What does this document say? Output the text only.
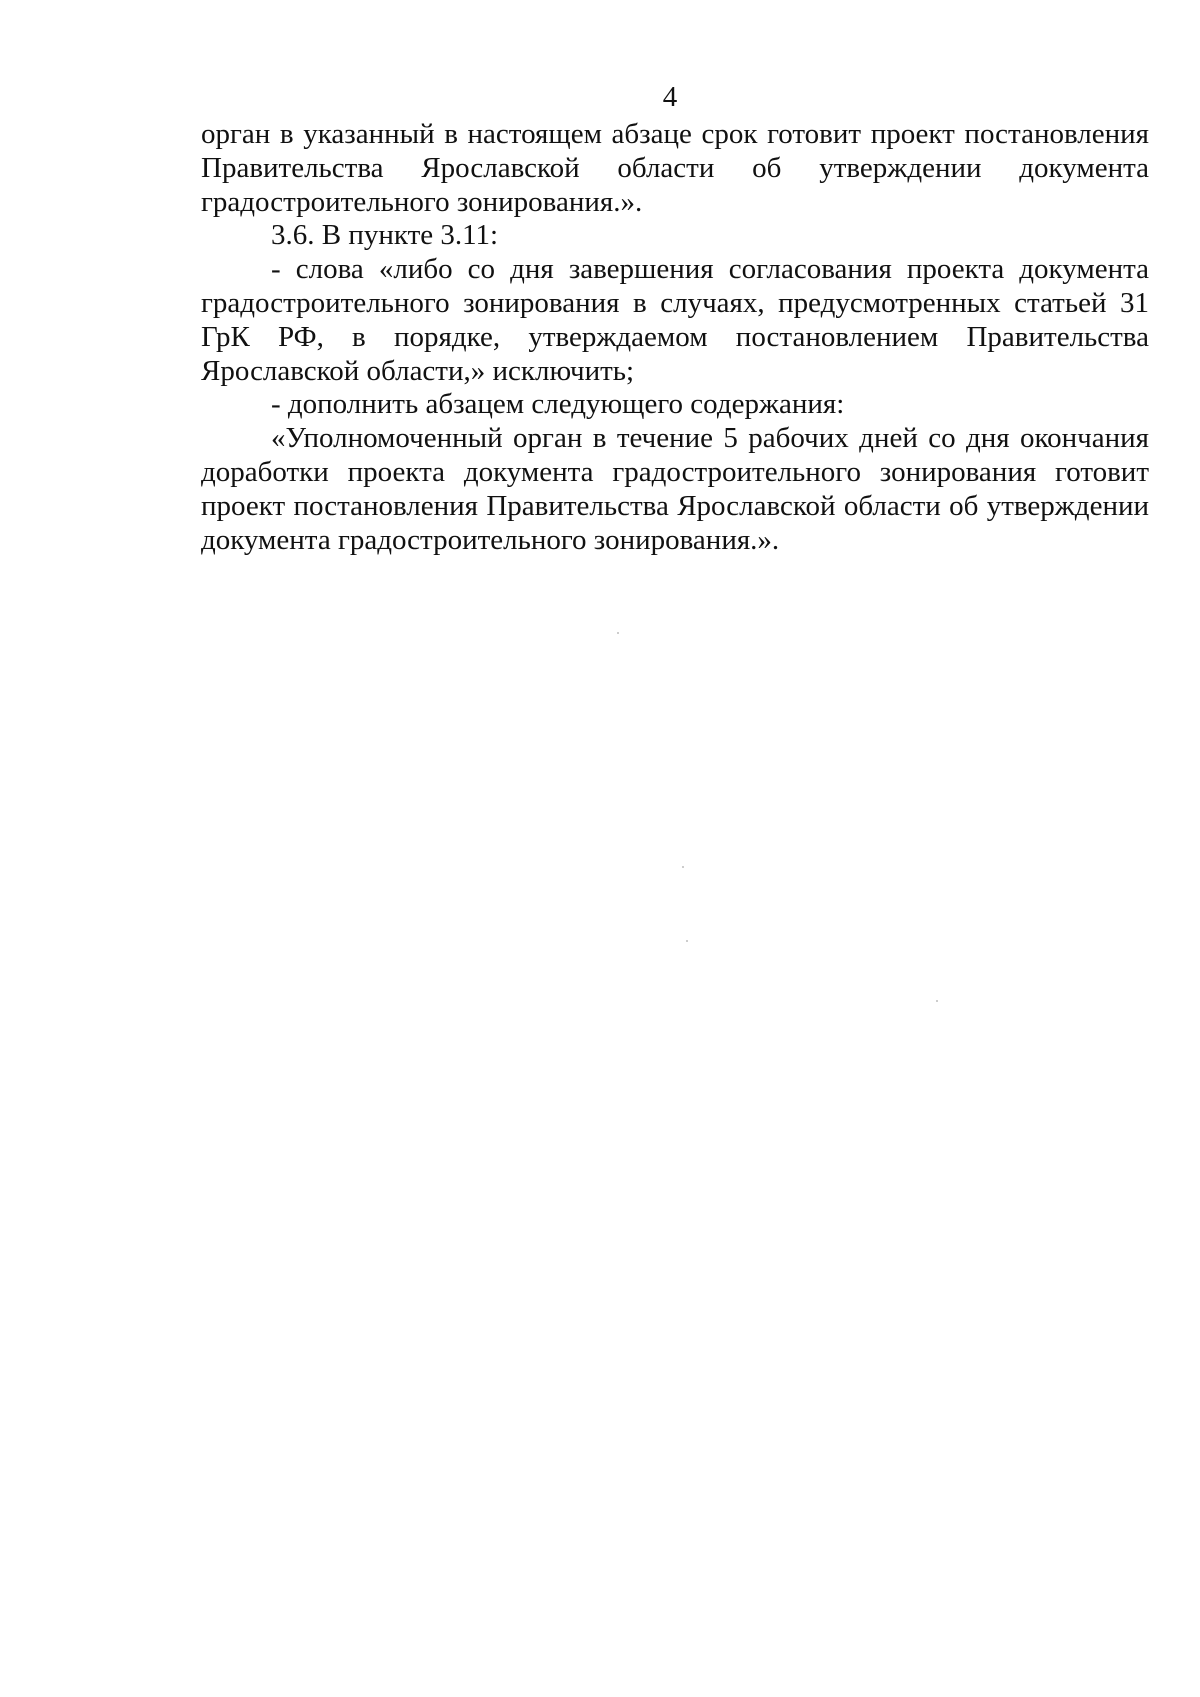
4

орган в указанный в настоящем абзаце срок готовит проект постановления Правительства Ярославской области об утверждении документа градостроительного зонирования.».

3.6. В пункте 3.11:

- слова «либо со дня завершения согласования проекта документа градостроительного зонирования в случаях, предусмотренных статьей 31 ГрК РФ, в порядке, утверждаемом постановлением Правительства Ярославской области,» исключить;

- дополнить абзацем следующего содержания:

«Уполномоченный орган в течение 5 рабочих дней со дня окончания доработки проекта документа градостроительного зонирования готовит проект постановления Правительства Ярославской области об утверждении документа градостроительного зонирования.».
